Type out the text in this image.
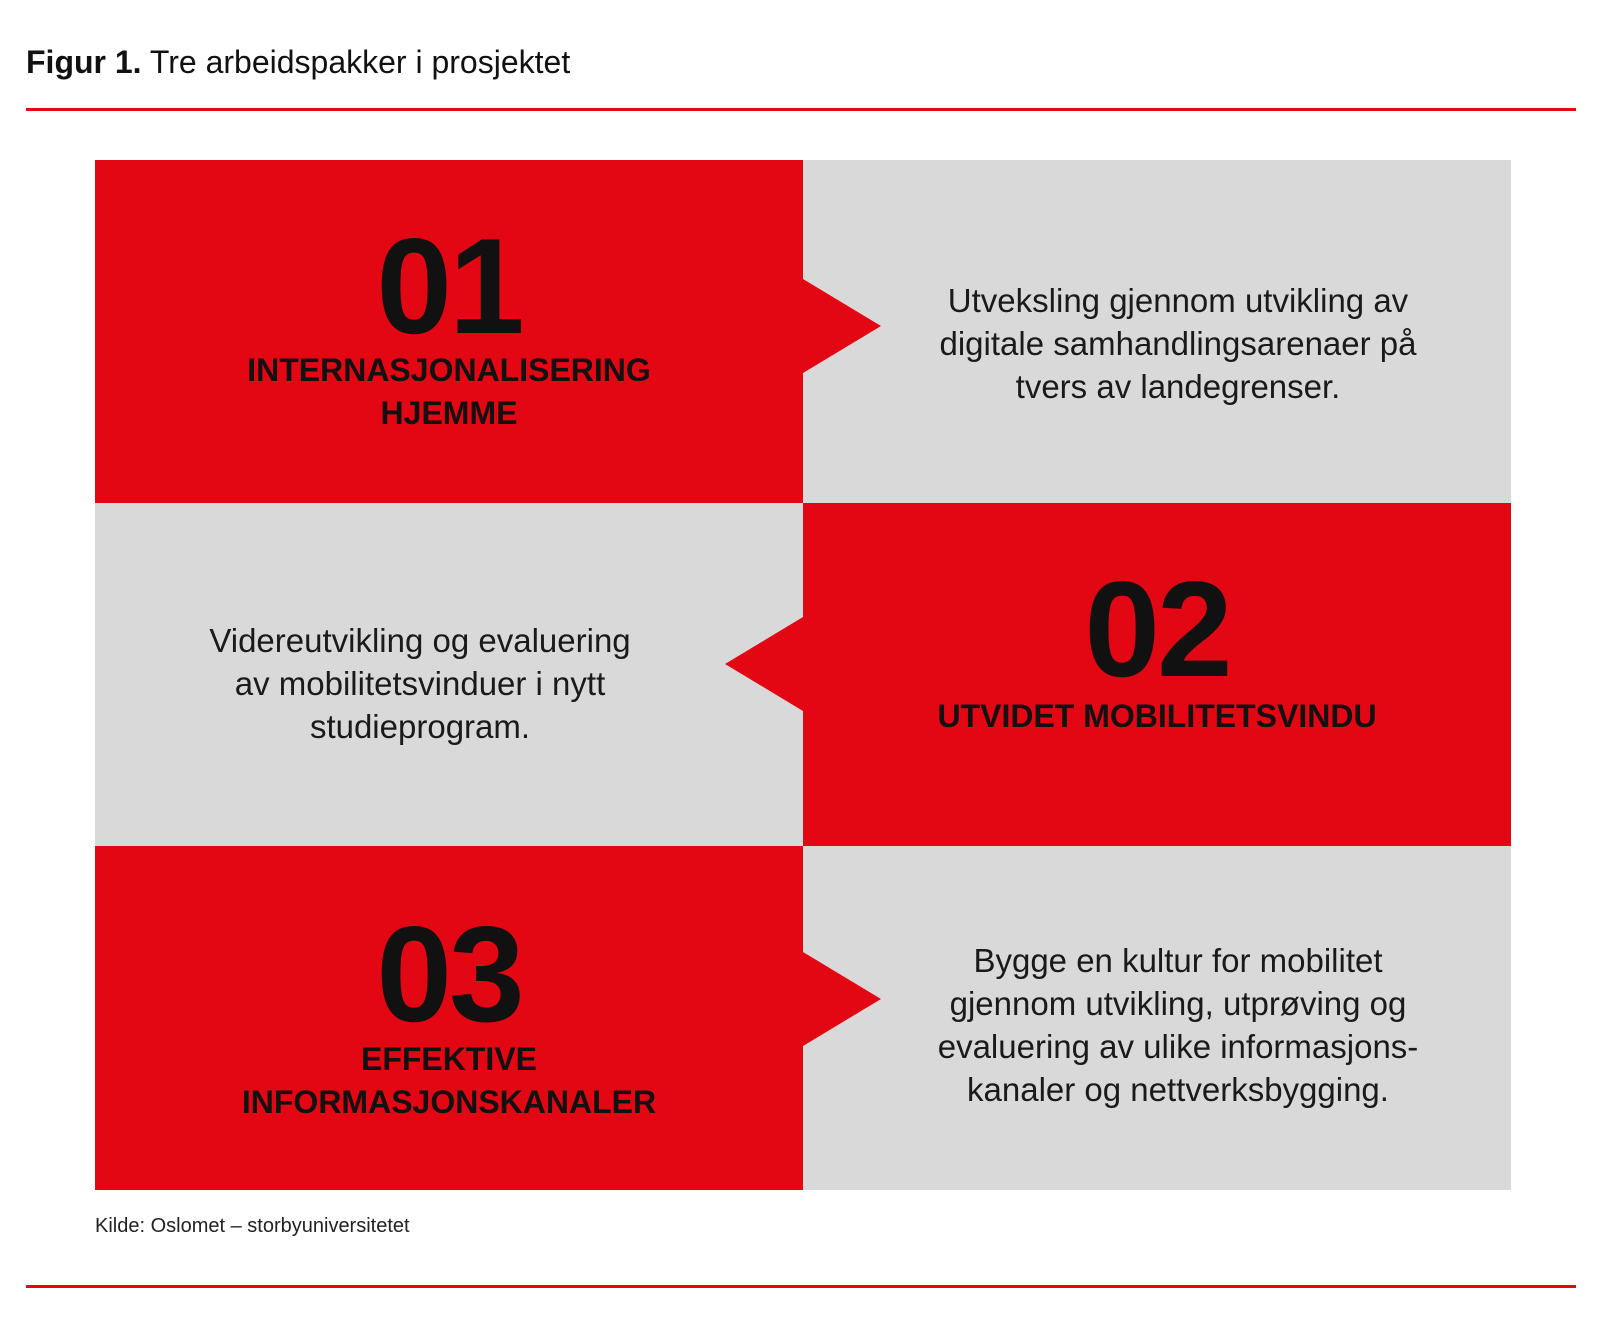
Figur 1. Tre arbeidspakker i prosjektet
01
INTERNASJONALISERING
HJEMME
Utveksling gjennom utvikling av
digitale samhandlingsarenaer på
tvers av landegrenser.
Videreutvikling og evaluering
av mobilitetsvinduer i nytt
studieprogram.
02
UTVIDET MOBILITETSVINDU
03
EFFEKTIVE
INFORMASJONSKANALER
Bygge en kultur for mobilitet
gjennom utvikling, utprøving og
evaluering av ulike informasjons-
kanaler og nettverksbygging.
Kilde: Oslomet – storbyuniversitetet
